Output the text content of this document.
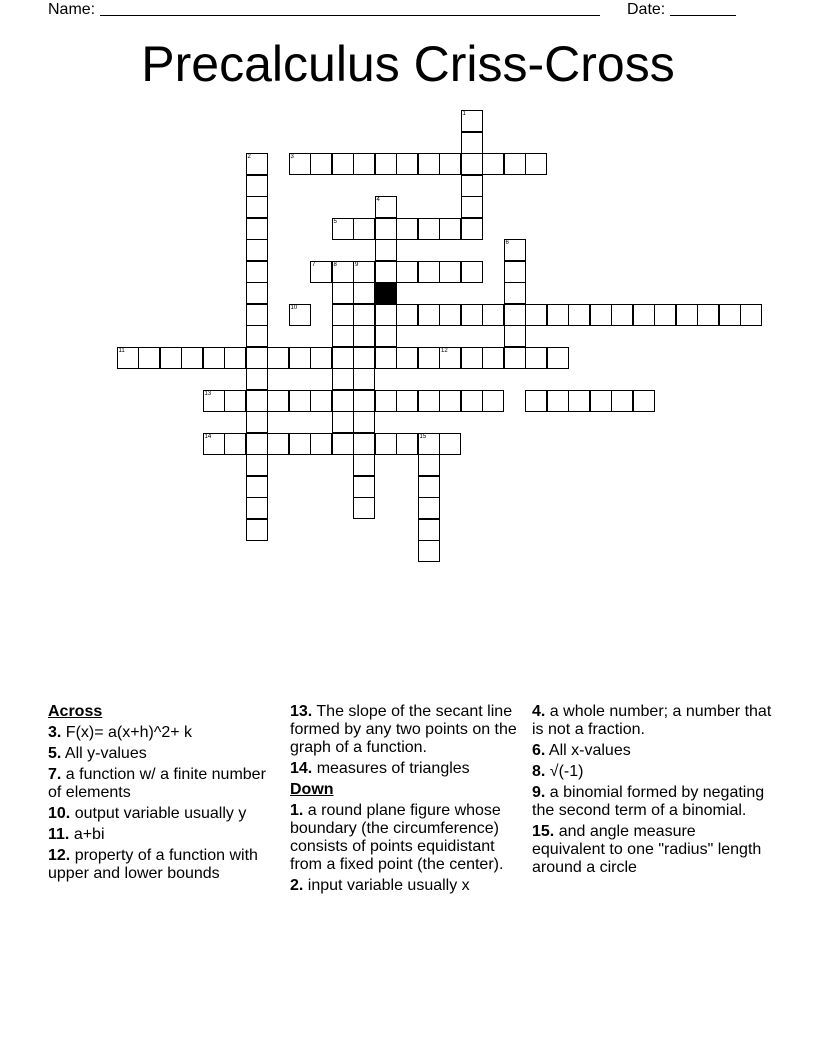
Name:	Date:
Precalculus Criss-Cross
1
3
2
4
5
6
7	8	9
10
11	12
13
14	15
Across
3. F(x)= a(x+h)^2+ k
5. All y-values
7. a function w/ a finite number of elements
10. output variable usually y
11. a+bi
12. property of a function with upper and lower bounds
13. The slope of the secant line formed by any two points on the graph of a function.
14. measures of triangles
Down
1. a round plane figure whose boundary (the circumference) consists of points equidistant from a fixed point (the center).
2. input variable usually x
4. a whole number; a number that is not a fraction.
6. All x-values
8. √(-1)
9. a binomial formed by negating the second term of a binomial.
15. and angle measure equivalent to one "radius" length around a circle
